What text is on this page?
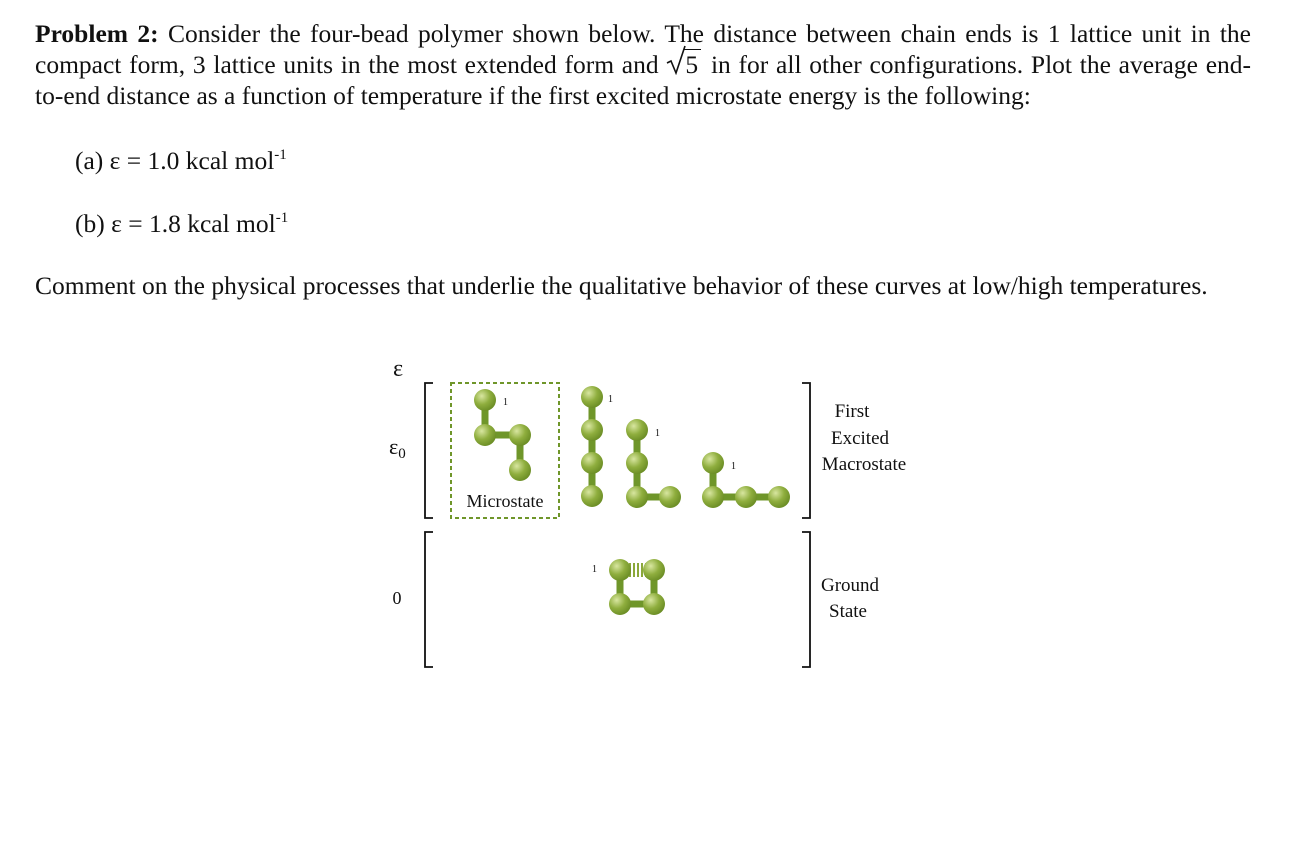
Problem 2: Consider the four-bead polymer shown below. The distance between chain ends is 1 lattice unit in the compact form, 3 lattice units in the most extended form and 5 in for all other configurations. Plot the average end-to-end distance as a function of temperature if the first excited microstate energy is the following:

(a) ε = 1.0 kcal mol$^{-1}$

(b) ε = 1.8 kcal mol$^{-1}$

Comment on the physical processes that underlie the qualitative behavior of these curves at low/high temperatures.

ε
ε0
0
Microstate
1	1
1
1
1
First
Excited
Macrostate
Ground
State
